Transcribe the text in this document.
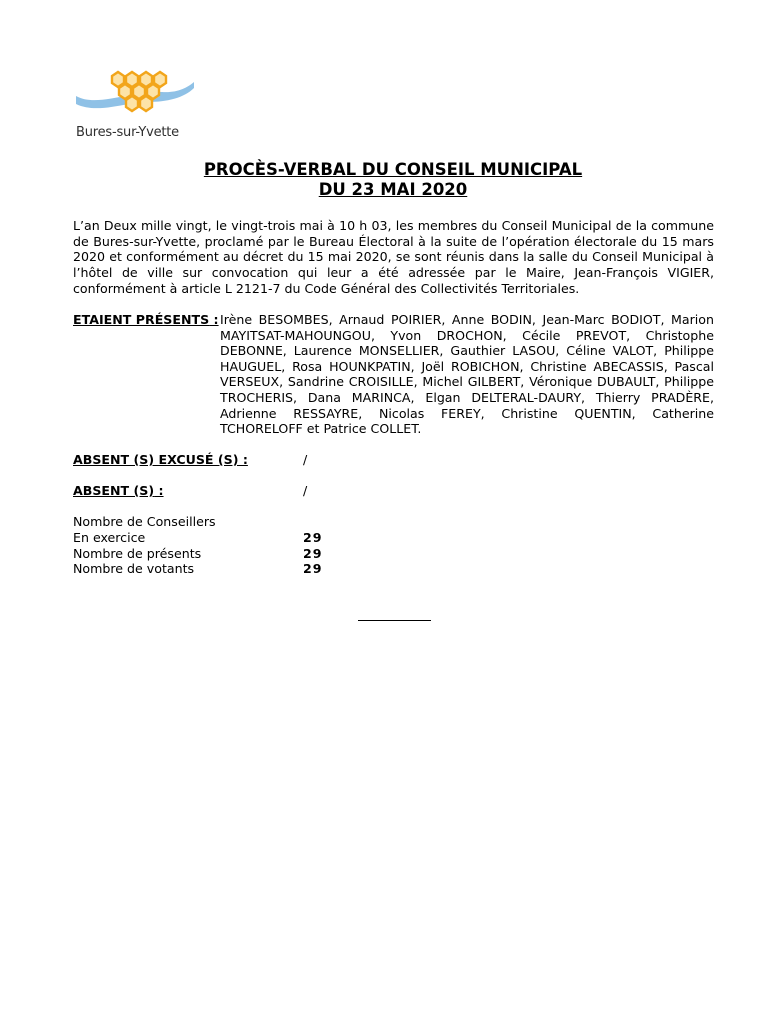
Bures-sur-Yvette
PROCÈS-VERBAL DU CONSEIL MUNICIPAL
DU 23 MAI 2020
L’an Deux mille vingt, le vingt-trois mai à 10 h 03, les membres du Conseil Municipal de la commune de Bures-sur-Yvette, proclamé par le Bureau Électoral à la suite de l’opération électorale du 15 mars 2020 et conformément au décret du 15 mai 2020, se sont réunis dans la salle du Conseil Municipal à l’hôtel de ville sur convocation qui leur a été adressée par le Maire, Jean-François VIGIER, conformément à article L 2121-7 du Code Général des Collectivités Territoriales.
ETAIENT PRÉSENTS : Irène BESOMBES, Arnaud POIRIER, Anne BODIN, Jean-Marc BODIOT, Marion MAYITSAT-MAHOUNGOU, Yvon DROCHON, Cécile PREVOT, Christophe DEBONNE, Laurence MONSELLIER, Gauthier LASOU, Céline VALOT, Philippe HAUGUEL, Rosa HOUNKPATIN, Joël ROBICHON, Christine ABECASSIS, Pascal VERSEUX, Sandrine CROISILLE, Michel GILBERT, Véronique DUBAULT, Philippe TROCHERIS, Dana MARINCA, Elgan DELTERAL-DAURY, Thierry PRADÈRE, Adrienne RESSAYRE, Nicolas FEREY, Christine QUENTIN, Catherine TCHORELOFF et Patrice COLLET.
ABSENT (S) EXCUSÉ (S) :	/
ABSENT (S) :	/
Nombre de Conseillers
En exercice	29
Nombre de présents	29
Nombre de votants	29
